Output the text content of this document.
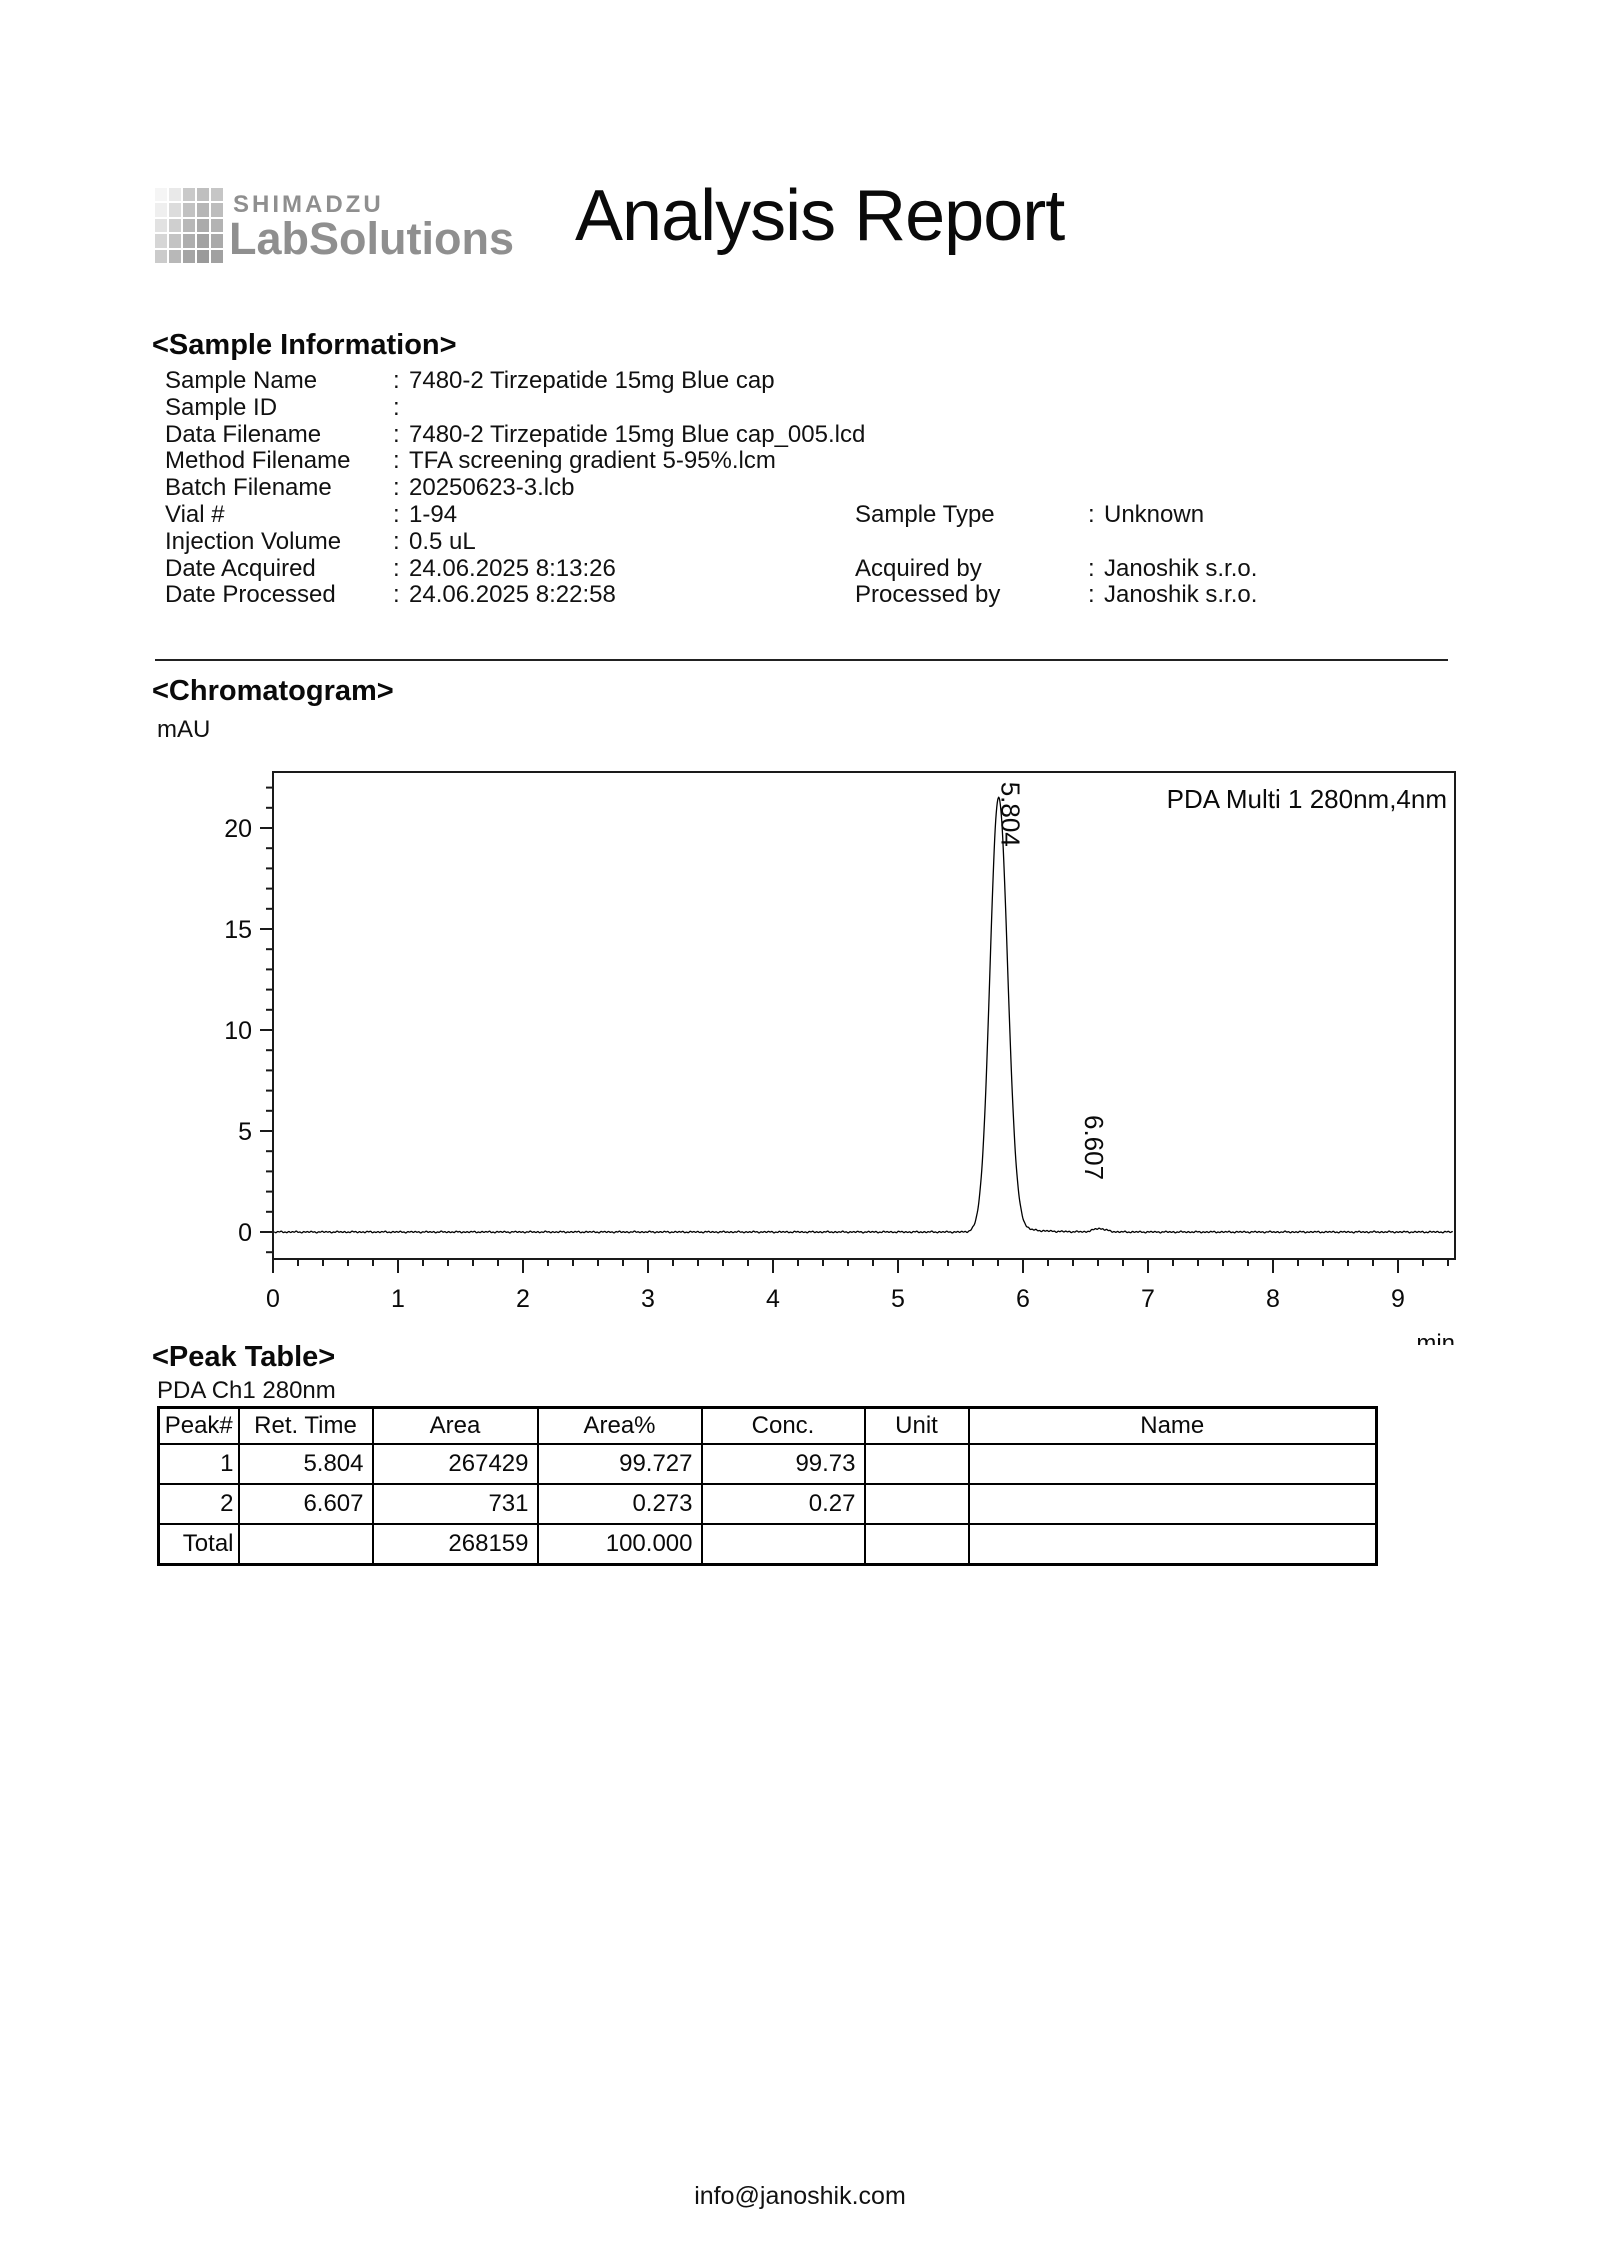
SHIMADZU
LabSolutions Analysis Report
<Sample Information>
Sample Name	: 7480-2 Tirzepatide 15mg Blue cap
Sample ID	:
Data Filename	: 7480-2 Tirzepatide 15mg Blue cap_005.lcd
Method Filename : TFA screening gradient 5-95%.lcm
Batch Filename	: 20250623-3.lcb
Vial #	: 1-94
Injection Volume : 0.5 uL
Date Acquired	: 24.06.2025 8:13:26
Date Processed : 24.06.2025 8:22:58
Sample Type	: Unknown
Acquired by	: Janoshik s.r.o.
Processed by	: Janoshik s.r.o.
<Chromatogram>
mAU
0
5
10
15
20
0	1	2	3	4	5	6	7	8	9
min
PDA Multi 1 280nm,4nm
5.804
6.607
<Peak Table>
PDA Ch1 280nm
Peak#	Ret. Time	Area	Area%	Conc.	Unit	Name
1	5.804	267429	99.727	99.73		
2	6.607	731	0.273	0.27		
Total		268159	100.000			
info@janoshik.com
